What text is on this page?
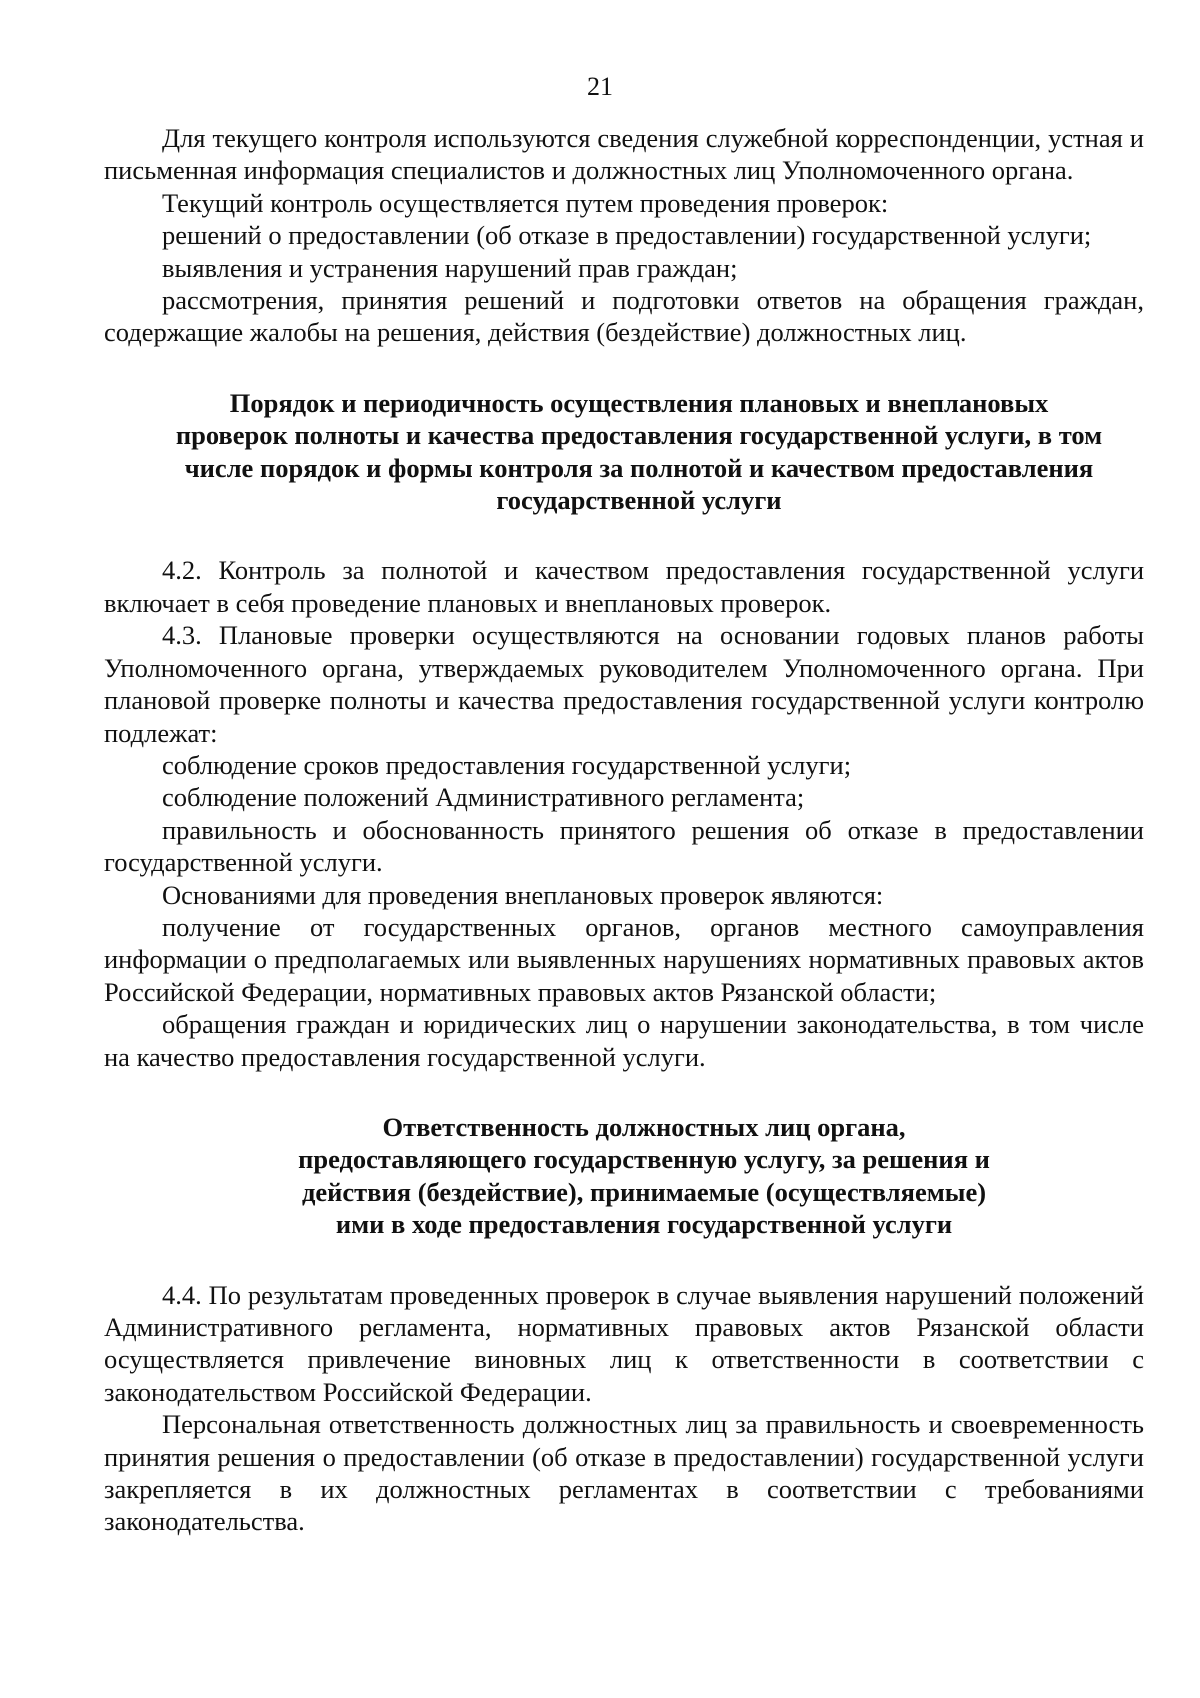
21

Для текущего контроля используются сведения служебной корреспонденции, устная и письменная информация специалистов и должностных лиц Уполномоченного органа.

Текущий контроль осуществляется путем проведения проверок:

решений о предоставлении (об отказе в предоставлении) государственной услуги;

выявления и устранения нарушений прав граждан;

рассмотрения, принятия решений и подготовки ответов на обращения граждан, содержащие жалобы на решения, действия (бездействие) должностных лиц.

Порядок и периодичность осуществления плановых и внеплановых
проверок полноты и качества предоставления государственной услуги, в том
числе порядок и формы контроля за полнотой и качеством предоставления
государственной услуги

4.2. Контроль за полнотой и качеством предоставления государственной услуги включает в себя проведение плановых и внеплановых проверок.

4.3. Плановые проверки осуществляются на основании годовых планов работы Уполномоченного органа, утверждаемых руководителем Уполномоченного органа. При плановой проверке полноты и качества предоставления государственной услуги контролю подлежат:

соблюдение сроков предоставления государственной услуги;

соблюдение положений Административного регламента;

правильность и обоснованность принятого решения об отказе в предоставлении государственной услуги.

Основаниями для проведения внеплановых проверок являются:

получение от государственных органов, органов местного самоуправления информации о предполагаемых или выявленных нарушениях нормативных правовых актов Российской Федерации, нормативных правовых актов Рязанской области;

обращения граждан и юридических лиц о нарушении законодательства, в том числе на качество предоставления государственной услуги.

Ответственность должностных лиц органа,
предоставляющего государственную услугу, за решения и
действия (бездействие), принимаемые (осуществляемые)
ими в ходе предоставления государственной услуги

4.4. По результатам проведенных проверок в случае выявления нарушений положений Административного регламента, нормативных правовых актов Рязанской области осуществляется привлечение виновных лиц к ответственности в соответствии с законодательством Российской Федерации.

Персональная ответственность должностных лиц за правильность и своевременность принятия решения о предоставлении (об отказе в предоставлении) государственной услуги закрепляется в их должностных регламентах в соответствии с требованиями законодательства.
